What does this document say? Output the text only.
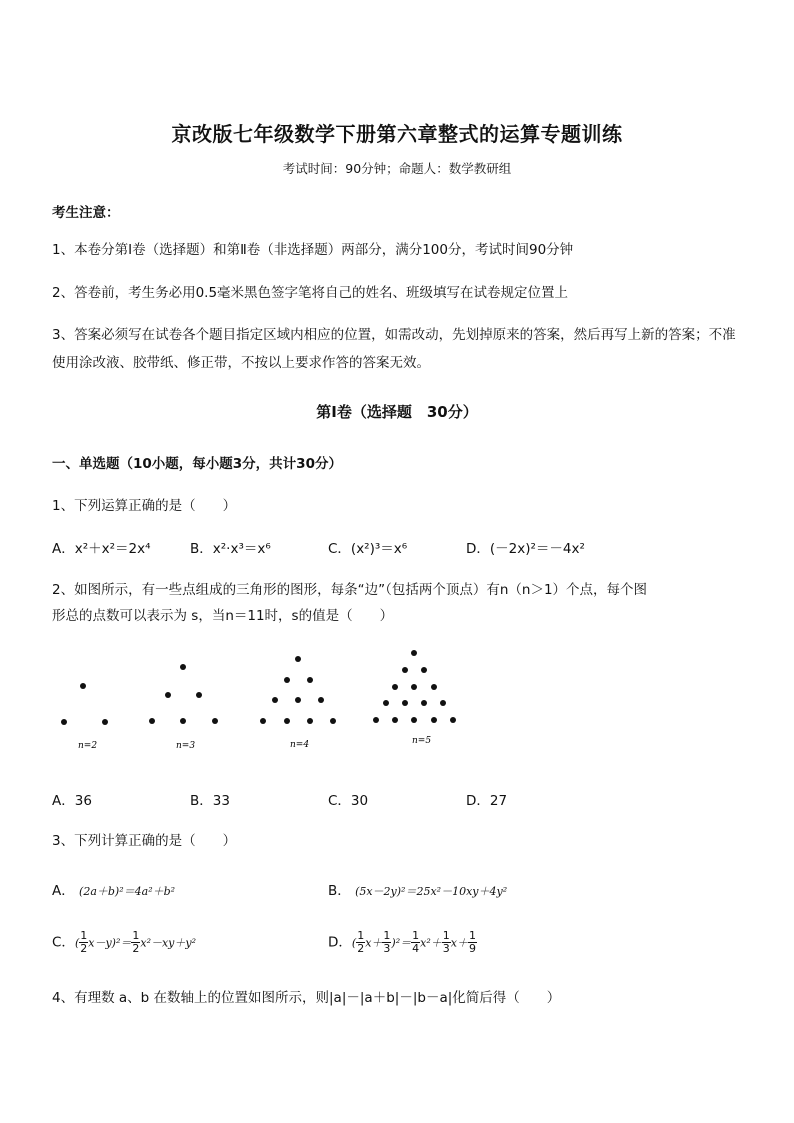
京改版七年级数学下册第六章整式的运算专题训练
考试时间：90分钟；命题人：数学教研组
考生注意：
1、本卷分第Ⅰ卷（选择题）和第Ⅱ卷（非选择题）两部分，满分100分，考试时间90分钟
2、答卷前，考生务必用0.5毫米黑色签字笔将自己的姓名、班级填写在试卷规定位置上
3、答案必须写在试卷各个题目指定区域内相应的位置，如需改动，先划掉原来的答案，然后再写上新的答案；不准使用涂改液、胶带纸、修正带，不按以上要求作答的答案无效。
第Ⅰ卷（选择题　30分）
一、单选题（10小题，每小题3分，共计30分）
1、下列运算正确的是（　　）
A．x²＋x²＝2x⁴	B．x²·x³＝x⁶	C．(x²)³＝x⁶	D．(－2x)²＝－4x²
2、如图所示，有一些点组成的三角形的图形，每条“边”（包括两个顶点）有n（n＞1）个点，每个图
形总的点数可以表示为 s，当n＝11时，s的值是（　　）
n=2	n=3	n=4	n=5
A．36	B．33	C．30	D．27
3、下列计算正确的是（　　）
A． (2a＋b)²＝4a²＋b²	B． (5x－2y)²＝25x²－10xy＋4y²
C．( $\frac{1}{2} x-y)^2= \frac{1}{2} x^2-xy+y^2$	D．( $\frac{1}{2} x+ \frac{1}{3} )^2= \frac{1}{4} x^2+ \frac{1}{3} x+ \frac{1}{9}$
4、有理数 a、b 在数轴上的位置如图所示，则|a|－|a＋b|－|b－a|化简后得（　　）
